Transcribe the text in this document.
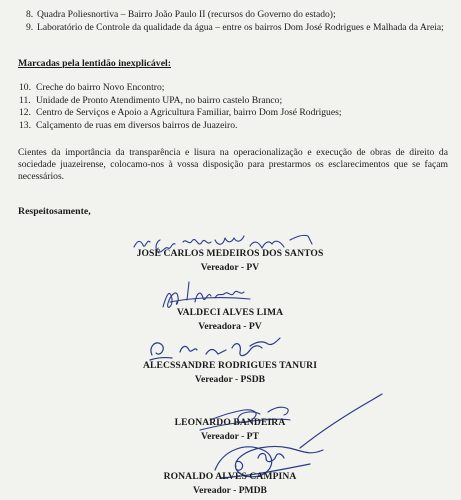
8. Quadra Poliesnortiva – Bairro João Paulo II (recursos do Governo do estado);
9. Laboratório de Controle da qualidade da água – entre os bairros Dom José Rodrigues e Malhada da Areia;
Marcadas pela lentidão inexplicável:
10. Creche do bairro Novo Encontro;
11. Unidade de Pronto Atendimento UPA, no bairro castelo Branco;
12. Centro de Serviços e Apoio a Agricultura Familiar, bairro Dom José Rodrigues;
13. Calçamento de ruas em diversos bairros de Juazeiro.
Cientes da importância da transparência e lisura na operacionalização e execução de obras de direito da sociedade juazeirense, colocamo-nos à vossa disposição para prestarmos os esclarecimentos que se façam necessários.
Respeitosamente,
JOSÉ CARLOS MEDEIROS DOS SANTOS
Vereador - PV
VALDECI ALVES LIMA
Vereadora - PV
ALECSSANDRE RODRIGUES TANURI
Vereador - PSDB
LEONARDO BANDEIRA
Vereador - PT
RONALDO ALVES CAMPINA
Vereador - PMDB
